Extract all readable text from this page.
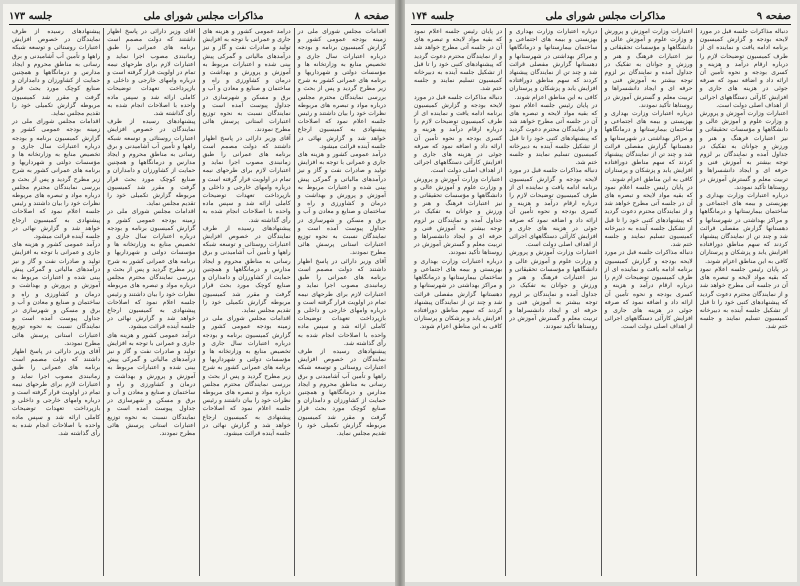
صفحه ۸
مذاکرات مجلس شورای ملی
جلسه ۱۷۳

اقدامات مجلس شورای ملی در زمینه بودجه عمومی کشور و گزارش کمیسیون برنامه و بودجه درباره اعتبارات سال جاری و تخصیص منابع به وزارتخانه ها و مؤسسات دولتی و شهرداریها و برنامه های عمرانی کشور به شرح زیر مطرح گردید و پس از بحث و بررسی نمایندگان محترم مجلس درباره مواد و تبصره های مربوطه نظرات خود را بیان داشتند و رئیس جلسه اعلام نمود که اصلاحات پیشنهادی به کمیسیون ارجاع خواهد شد و گزارش نهائی در جلسه آینده قرائت میشود.

درآمد عمومی کشور و هزینه های جاری و عمرانی با توجه به افزایش تولید و صادرات نفت و گاز و نیز درآمدهای مالیاتی و گمرکی پیش بینی شده و اعتبارات مربوط به آموزش و پرورش و بهداشت و درمان و کشاورزی و راه و ساختمان و صنایع و معادن و آب و برق و مسکن و شهرسازی در جداول پیوست آمده است و نمایندگان نسبت به نحوه توزیع اعتبارات استانی پرسش هائی مطرح نمودند.

آقای وزیر دارائی در پاسخ اظهار داشتند که دولت مصمم است برنامه های عمرانی را طبق زمانبندی مصوب اجرا نماید و اعتبارات لازم برای طرحهای نیمه تمام در اولویت قرار گرفته است و درباره وامهای خارجی و داخلی و بازپرداخت تعهدات توضیحات کاملی ارائه شد و سپس ماده واحده با اصلاحات انجام شده به رأی گذاشته شد.

پیشنهادهای رسیده از طرف نمایندگان در خصوص افزایش اعتبارات روستائی و توسعه شبکه راهها و تأمین آب آشامیدنی و برق رسانی به مناطق محروم و ایجاد مدارس و درمانگاهها و همچنین حمایت از کشاورزان و دامداران و صنایع کوچک مورد بحث قرار گرفت و مقرر شد کمیسیون مربوطه گزارش تکمیلی خود را تقدیم مجلس نماید.

درآمد عمومی کشور و هزینه های جاری و عمرانی با توجه به افزایش تولید و صادرات نفت و گاز و نیز درآمدهای مالیاتی و گمرکی پیش بینی شده و اعتبارات مربوط به آموزش و پرورش و بهداشت و درمان و کشاورزی و راه و ساختمان و صنایع و معادن و آب و برق و مسکن و شهرسازی در جداول پیوست آمده است و نمایندگان نسبت به نحوه توزیع اعتبارات استانی پرسش هائی مطرح نمودند.

آقای وزیر دارائی در پاسخ اظهار داشتند که دولت مصمم است برنامه های عمرانی را طبق زمانبندی مصوب اجرا نماید و اعتبارات لازم برای طرحهای نیمه تمام در اولویت قرار گرفته است و درباره وامهای خارجی و داخلی و بازپرداخت تعهدات توضیحات کاملی ارائه شد و سپس ماده واحده با اصلاحات انجام شده به رأی گذاشته شد.

پیشنهادهای رسیده از طرف نمایندگان در خصوص افزایش اعتبارات روستائی و توسعه شبکه راهها و تأمین آب آشامیدنی و برق رسانی به مناطق محروم و ایجاد مدارس و درمانگاهها و همچنین حمایت از کشاورزان و دامداران و صنایع کوچک مورد بحث قرار گرفت و مقرر شد کمیسیون مربوطه گزارش تکمیلی خود را تقدیم مجلس نماید.

اقدامات مجلس شورای ملی در زمینه بودجه عمومی کشور و گزارش کمیسیون برنامه و بودجه درباره اعتبارات سال جاری و تخصیص منابع به وزارتخانه ها و مؤسسات دولتی و شهرداریها و برنامه های عمرانی کشور به شرح زیر مطرح گردید و پس از بحث و بررسی نمایندگان محترم مجلس درباره مواد و تبصره های مربوطه نظرات خود را بیان داشتند و رئیس جلسه اعلام نمود که اصلاحات پیشنهادی به کمیسیون ارجاع خواهد شد و گزارش نهائی در جلسه آینده قرائت میشود.

آقای وزیر دارائی در پاسخ اظهار داشتند که دولت مصمم است برنامه های عمرانی را طبق زمانبندی مصوب اجرا نماید و اعتبارات لازم برای طرحهای نیمه تمام در اولویت قرار گرفته است و درباره وامهای خارجی و داخلی و بازپرداخت تعهدات توضیحات کاملی ارائه شد و سپس ماده واحده با اصلاحات انجام شده به رأی گذاشته شد.

پیشنهادهای رسیده از طرف نمایندگان در خصوص افزایش اعتبارات روستائی و توسعه شبکه راهها و تأمین آب آشامیدنی و برق رسانی به مناطق محروم و ایجاد مدارس و درمانگاهها و همچنین حمایت از کشاورزان و دامداران و صنایع کوچک مورد بحث قرار گرفت و مقرر شد کمیسیون مربوطه گزارش تکمیلی خود را تقدیم مجلس نماید.

اقدامات مجلس شورای ملی در زمینه بودجه عمومی کشور و گزارش کمیسیون برنامه و بودجه درباره اعتبارات سال جاری و تخصیص منابع به وزارتخانه ها و مؤسسات دولتی و شهرداریها و برنامه های عمرانی کشور به شرح زیر مطرح گردید و پس از بحث و بررسی نمایندگان محترم مجلس درباره مواد و تبصره های مربوطه نظرات خود را بیان داشتند و رئیس جلسه اعلام نمود که اصلاحات پیشنهادی به کمیسیون ارجاع خواهد شد و گزارش نهائی در جلسه آینده قرائت میشود.

درآمد عمومی کشور و هزینه های جاری و عمرانی با توجه به افزایش تولید و صادرات نفت و گاز و نیز درآمدهای مالیاتی و گمرکی پیش بینی شده و اعتبارات مربوط به آموزش و پرورش و بهداشت و درمان و کشاورزی و راه و ساختمان و صنایع و معادن و آب و برق و مسکن و شهرسازی در جداول پیوست آمده است و نمایندگان نسبت به نحوه توزیع اعتبارات استانی پرسش هائی مطرح نمودند.

پیشنهادهای رسیده از طرف نمایندگان در خصوص افزایش اعتبارات روستائی و توسعه شبکه راهها و تأمین آب آشامیدنی و برق رسانی به مناطق محروم و ایجاد مدارس و درمانگاهها و همچنین حمایت از کشاورزان و دامداران و صنایع کوچک مورد بحث قرار گرفت و مقرر شد کمیسیون مربوطه گزارش تکمیلی خود را تقدیم مجلس نماید.

اقدامات مجلس شورای ملی در زمینه بودجه عمومی کشور و گزارش کمیسیون برنامه و بودجه درباره اعتبارات سال جاری و تخصیص منابع به وزارتخانه ها و مؤسسات دولتی و شهرداریها و برنامه های عمرانی کشور به شرح زیر مطرح گردید و پس از بحث و بررسی نمایندگان محترم مجلس درباره مواد و تبصره های مربوطه نظرات خود را بیان داشتند و رئیس جلسه اعلام نمود که اصلاحات پیشنهادی به کمیسیون ارجاع خواهد شد و گزارش نهائی در جلسه آینده قرائت میشود.

درآمد عمومی کشور و هزینه های جاری و عمرانی با توجه به افزایش تولید و صادرات نفت و گاز و نیز درآمدهای مالیاتی و گمرکی پیش بینی شده و اعتبارات مربوط به آموزش و پرورش و بهداشت و درمان و کشاورزی و راه و ساختمان و صنایع و معادن و آب و برق و مسکن و شهرسازی در جداول پیوست آمده است و نمایندگان نسبت به نحوه توزیع اعتبارات استانی پرسش هائی مطرح نمودند.

آقای وزیر دارائی در پاسخ اظهار داشتند که دولت مصمم است برنامه های عمرانی را طبق زمانبندی مصوب اجرا نماید و اعتبارات لازم برای طرحهای نیمه تمام در اولویت قرار گرفته است و درباره وامهای خارجی و داخلی و بازپرداخت تعهدات توضیحات کاملی ارائه شد و سپس ماده واحده با اصلاحات انجام شده به رأی گذاشته شد.

صفحه ۹
مذاکرات مجلس شورای ملی
جلسه ۱۷۴

دنباله مذاکرات جلسه قبل در مورد لایحه بودجه و گزارش کمیسیون برنامه ادامه یافت و نماینده ای از طرف کمیسیون توضیحات لازم را درباره ارقام درآمد و هزینه و کسری بودجه و نحوه تأمین آن ارائه داد و اضافه نمود که صرفه جوئی در هزینه های جاری و افزایش کارآئی دستگاههای اجرائی از اهداف اصلی دولت است.

اعتبارات وزارت آموزش و پرورش و وزارت علوم و آموزش عالی و دانشگاهها و مؤسسات تحقیقاتی و نیز اعتبارات فرهنگ و هنر و ورزش و جوانان به تفکیک در جداول آمده و نمایندگان بر لزوم توجه بیشتر به آموزش فنی و حرفه ای و ایجاد دانشسراها و تربیت معلم و گسترش آموزش در روستاها تأکید نمودند.

درباره اعتبارات وزارت بهداری و بهزیستی و بیمه های اجتماعی و ساختمان بیمارستانها و درمانگاهها و مراکز بهداشتی در شهرستانها و دهستانها گزارش مفصلی قرائت شد و چند تن از نمایندگان پیشنهاد کردند که سهم مناطق دورافتاده افزایش یابد و پزشکان و پرستاران کافی به این مناطق اعزام شوند.

در پایان رئیس جلسه اعلام نمود که بقیه مواد لایحه و تبصره های آن در جلسه آتی مطرح خواهد شد و از نمایندگان محترم دعوت گردید که پیشنهادهای کتبی خود را تا قبل از تشکیل جلسه آینده به دبیرخانه کمیسیون تسلیم نمایند و جلسه ختم شد.

اعتبارات وزارت آموزش و پرورش و وزارت علوم و آموزش عالی و دانشگاهها و مؤسسات تحقیقاتی و نیز اعتبارات فرهنگ و هنر و ورزش و جوانان به تفکیک در جداول آمده و نمایندگان بر لزوم توجه بیشتر به آموزش فنی و حرفه ای و ایجاد دانشسراها و تربیت معلم و گسترش آموزش در روستاها تأکید نمودند.

درباره اعتبارات وزارت بهداری و بهزیستی و بیمه های اجتماعی و ساختمان بیمارستانها و درمانگاهها و مراکز بهداشتی در شهرستانها و دهستانها گزارش مفصلی قرائت شد و چند تن از نمایندگان پیشنهاد کردند که سهم مناطق دورافتاده افزایش یابد و پزشکان و پرستاران کافی به این مناطق اعزام شوند.

در پایان رئیس جلسه اعلام نمود که بقیه مواد لایحه و تبصره های آن در جلسه آتی مطرح خواهد شد و از نمایندگان محترم دعوت گردید که پیشنهادهای کتبی خود را تا قبل از تشکیل جلسه آینده به دبیرخانه کمیسیون تسلیم نمایند و جلسه ختم شد.

دنباله مذاکرات جلسه قبل در مورد لایحه بودجه و گزارش کمیسیون برنامه ادامه یافت و نماینده ای از طرف کمیسیون توضیحات لازم را درباره ارقام درآمد و هزینه و کسری بودجه و نحوه تأمین آن ارائه داد و اضافه نمود که صرفه جوئی در هزینه های جاری و افزایش کارآئی دستگاههای اجرائی از اهداف اصلی دولت است.

درباره اعتبارات وزارت بهداری و بهزیستی و بیمه های اجتماعی و ساختمان بیمارستانها و درمانگاهها و مراکز بهداشتی در شهرستانها و دهستانها گزارش مفصلی قرائت شد و چند تن از نمایندگان پیشنهاد کردند که سهم مناطق دورافتاده افزایش یابد و پزشکان و پرستاران کافی به این مناطق اعزام شوند.

در پایان رئیس جلسه اعلام نمود که بقیه مواد لایحه و تبصره های آن در جلسه آتی مطرح خواهد شد و از نمایندگان محترم دعوت گردید که پیشنهادهای کتبی خود را تا قبل از تشکیل جلسه آینده به دبیرخانه کمیسیون تسلیم نمایند و جلسه ختم شد.

دنباله مذاکرات جلسه قبل در مورد لایحه بودجه و گزارش کمیسیون برنامه ادامه یافت و نماینده ای از طرف کمیسیون توضیحات لازم را درباره ارقام درآمد و هزینه و کسری بودجه و نحوه تأمین آن ارائه داد و اضافه نمود که صرفه جوئی در هزینه های جاری و افزایش کارآئی دستگاههای اجرائی از اهداف اصلی دولت است.

اعتبارات وزارت آموزش و پرورش و وزارت علوم و آموزش عالی و دانشگاهها و مؤسسات تحقیقاتی و نیز اعتبارات فرهنگ و هنر و ورزش و جوانان به تفکیک در جداول آمده و نمایندگان بر لزوم توجه بیشتر به آموزش فنی و حرفه ای و ایجاد دانشسراها و تربیت معلم و گسترش آموزش در روستاها تأکید نمودند.

در پایان رئیس جلسه اعلام نمود که بقیه مواد لایحه و تبصره های آن در جلسه آتی مطرح خواهد شد و از نمایندگان محترم دعوت گردید که پیشنهادهای کتبی خود را تا قبل از تشکیل جلسه آینده به دبیرخانه کمیسیون تسلیم نمایند و جلسه ختم شد.

دنباله مذاکرات جلسه قبل در مورد لایحه بودجه و گزارش کمیسیون برنامه ادامه یافت و نماینده ای از طرف کمیسیون توضیحات لازم را درباره ارقام درآمد و هزینه و کسری بودجه و نحوه تأمین آن ارائه داد و اضافه نمود که صرفه جوئی در هزینه های جاری و افزایش کارآئی دستگاههای اجرائی از اهداف اصلی دولت است.

اعتبارات وزارت آموزش و پرورش و وزارت علوم و آموزش عالی و دانشگاهها و مؤسسات تحقیقاتی و نیز اعتبارات فرهنگ و هنر و ورزش و جوانان به تفکیک در جداول آمده و نمایندگان بر لزوم توجه بیشتر به آموزش فنی و حرفه ای و ایجاد دانشسراها و تربیت معلم و گسترش آموزش در روستاها تأکید نمودند.

درباره اعتبارات وزارت بهداری و بهزیستی و بیمه های اجتماعی و ساختمان بیمارستانها و درمانگاهها و مراکز بهداشتی در شهرستانها و دهستانها گزارش مفصلی قرائت شد و چند تن از نمایندگان پیشنهاد کردند که سهم مناطق دورافتاده افزایش یابد و پزشکان و پرستاران کافی به این مناطق اعزام شوند.
